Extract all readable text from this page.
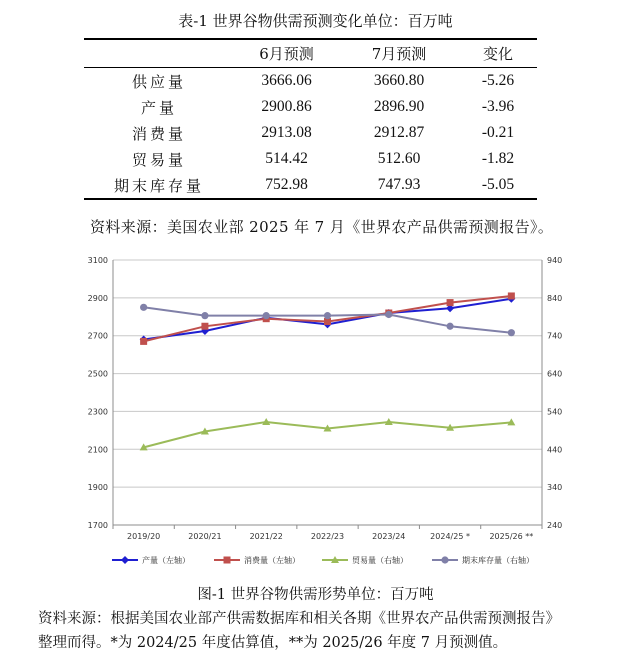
表-1 世界谷物供需预测变化单位：百万吨
	6月预测	7月预测	变化
供应量	3666.06	3660.80	-5.26
产量	2900.86	2896.90	-3.96
消费量	2913.08	2912.87	-0.21
贸易量	514.42	512.60	-1.82
期末库存量	752.98	747.93	-5.05
资料来源：美国农业部 2025 年 7 月《世界农产品供需预测报告》。
3100	940
2900	840
2700	740
2500	640
2300	540
2100	440
1900	340
1700	240
2019/20	2020/21	2021/22	2022/23	2023/24	2024/25 * 2025/26 **
产量（左轴）	消费量（左轴）	贸易量（右轴）	期末库存量（右轴）
图-1 世界谷物供需形势单位：百万吨
资料来源：根据美国农业部产供需数据库和相关各期《世界农产品供需预测报告》
整理而得。*为 2024/25 年度估算值，**为 2025/26 年度 7 月预测值。
